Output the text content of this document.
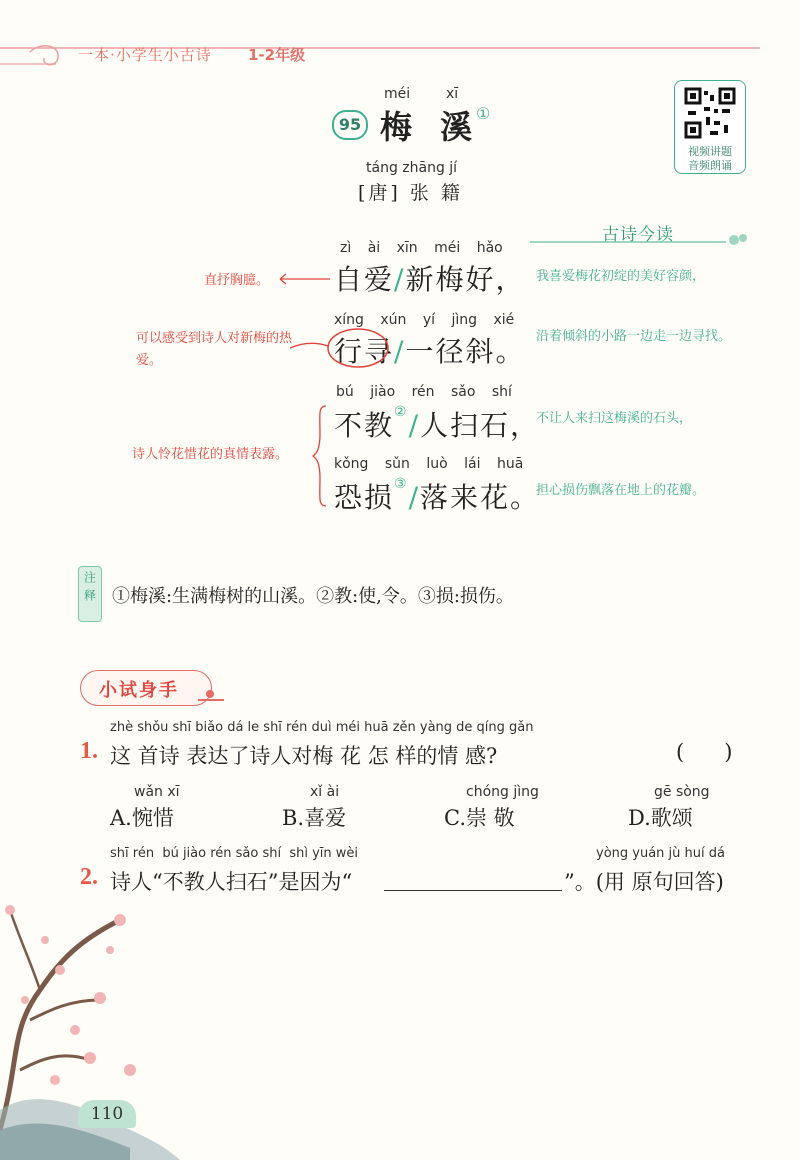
一本·小学生小古诗 1-2年级
95
méi	xī
梅 溪 ①
táng zhāng jí
[唐] 张 籍
视频讲题
音频朗诵
古诗今读
zì ài xīn méi hǎo
自爱/新梅好，
xíng xún yí jìng xié
行寻/一径斜。
bú jiào rén sǎo shí
不教②/人扫石，
kǒng sǔn luò lái huā
恐损③/落来花。
直抒胸臆。
可以感受到诗人对新梅的热爱。
诗人怜花惜花的真情表露。
我喜爱梅花初绽的美好容颜，
沿着倾斜的小路一边走一边寻找。
不让人来扫这梅溪的石头，
担心损伤飘落在地上的花瓣。
注释 ①梅溪:生满梅树的山溪。②教:使,令。③损:损伤。
小试身手
zhè shǒu shī biǎo dá le shī rén duì méi huā zěn yàng de qíng gǎn
1. 这 首诗 表达了诗人对梅 花 怎 样的情 感?	(      )
wǎn xī
A.惋惜
xǐ ài
B.喜爱
chóng jìng
C.崇 敬
gē sòng
D.歌颂
shī rén  bú jiào rén sǎo shí  shì yīn wèi	yòng yuán jù huí dá
2. 诗人“不教人扫石”是因为“	”。(用 原句回答)
110
